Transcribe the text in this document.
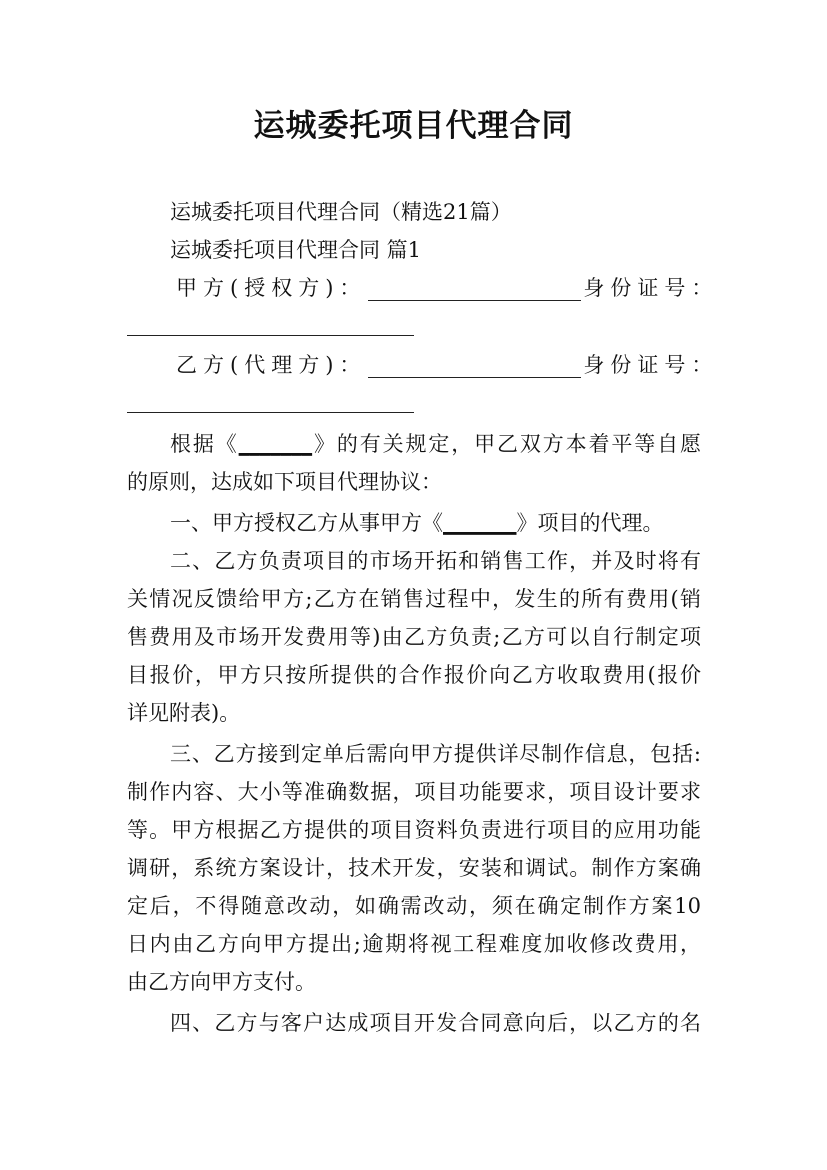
运城委托项目代理合同
运城委托项目代理合同（精选21篇）
运城委托项目代理合同 篇1
甲方(授权方)：	身份证号：
乙方(代理方)：	身份证号：
根据《_______》的有关规定，甲乙双方本着平等自愿
的原则，达成如下项目代理协议：
一、甲方授权乙方从事甲方《_______》项目的代理。
二、乙方负责项目的市场开拓和销售工作，并及时将有
关情况反馈给甲方;乙方在销售过程中，发生的所有费用(销
售费用及市场开发费用等)由乙方负责;乙方可以自行制定项
目报价，甲方只按所提供的合作报价向乙方收取费用(报价
详见附表)。
三、乙方接到定单后需向甲方提供详尽制作信息，包括:
制作内容、大小等准确数据，项目功能要求，项目设计要求
等。甲方根据乙方提供的项目资料负责进行项目的应用功能
调研，系统方案设计，技术开发，安装和调试。制作方案确
定后，不得随意改动，如确需改动，须在确定制作方案10
日内由乙方向甲方提出;逾期将视工程难度加收修改费用，
由乙方向甲方支付。
四、乙方与客户达成项目开发合同意向后，以乙方的名
